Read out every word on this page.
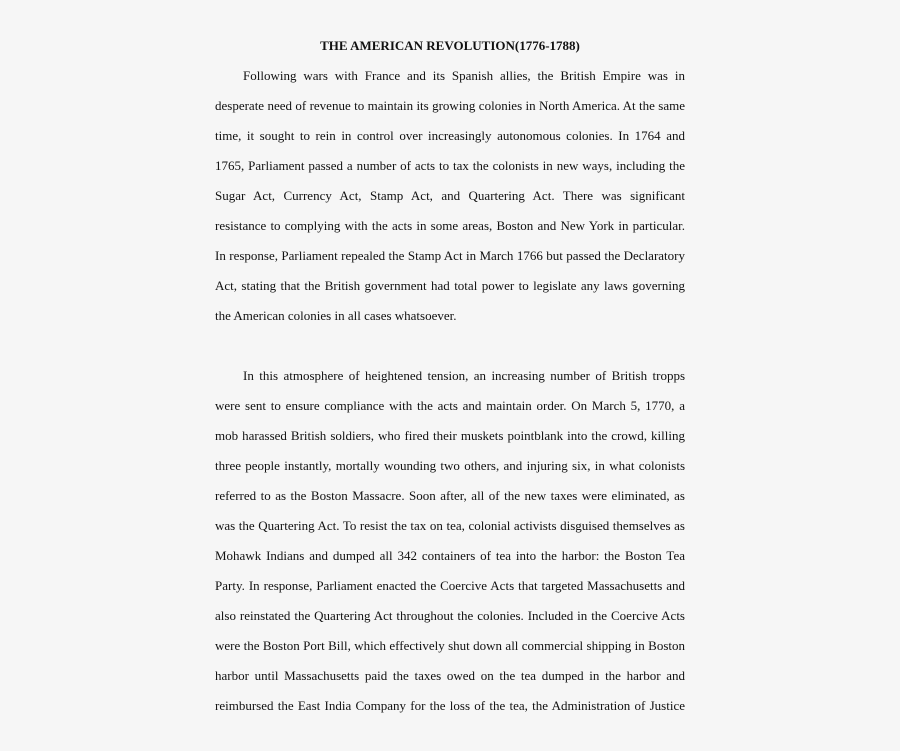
THE AMERICAN REVOLUTION(1776-1788)
Following wars with France and its Spanish allies, the British Empire was in
desperate need of revenue to maintain its growing colonies in North America. At the same
time, it sought to rein in control over increasingly autonomous colonies. In 1764 and
1765, Parliament passed a number of acts to tax the colonists in new ways, including the
Sugar Act, Currency Act, Stamp Act, and Quartering Act. There was significant
resistance to complying with the acts in some areas, Boston and New York in particular.
In response, Parliament repealed the Stamp Act in March 1766 but passed the Declaratory
Act, stating that the British government had total power to legislate any laws governing
the American colonies in all cases whatsoever.
In this atmosphere of heightened tension, an increasing number of British tropps
were sent to ensure compliance with the acts and maintain order. On March 5, 1770, a
mob harassed British soldiers, who fired their muskets pointblank into the crowd, killing
three people instantly, mortally wounding two others, and injuring six, in what colonists
referred to as the Boston Massacre. Soon after, all of the new taxes were eliminated, as
was the Quartering Act. To resist the tax on tea, colonial activists disguised themselves as
Mohawk Indians and dumped all 342 containers of tea into the harbor: the Boston Tea
Party. In response, Parliament enacted the Coercive Acts that targeted Massachusetts and
also reinstated the Quartering Act throughout the colonies. Included in the Coercive Acts
were the Boston Port Bill, which effectively shut down all commercial shipping in Boston
harbor until Massachusetts paid the taxes owed on the tea dumped in the harbor and
reimbursed the East India Company for the loss of the tea, the Administration of Justice
